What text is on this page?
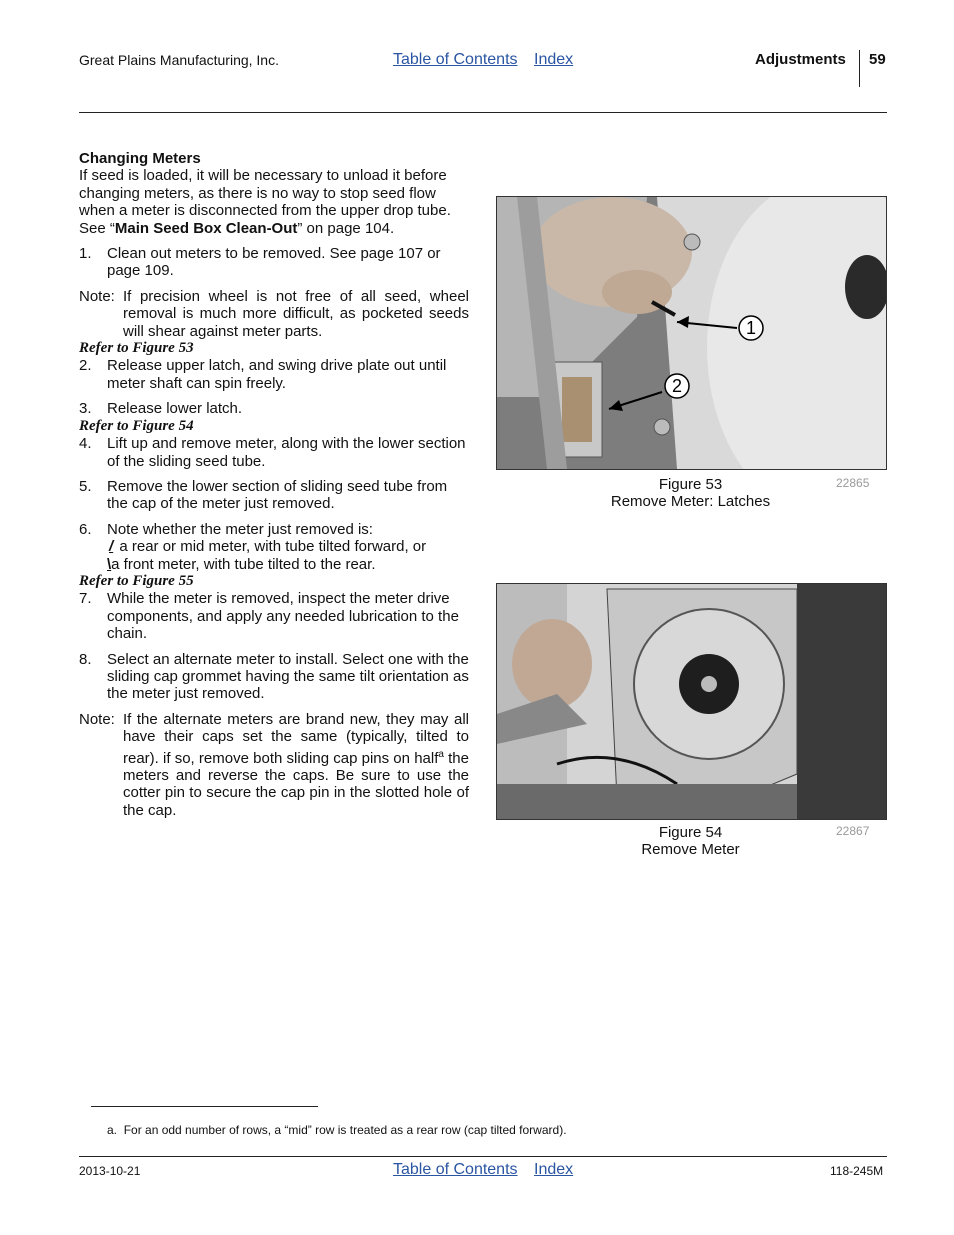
Great Plains Manufacturing, Inc.	Table of Contents Index	Adjustments 59

Changing Meters

If seed is loaded, it will be necessary to unload it before changing meters, as there is no way to stop seed flow when a meter is disconnected from the upper drop tube. See “Main Seed Box Clean-Out” on page 104.

1.	Clean out meters to be removed. See page 107 or page 109.
Note: If precision wheel is not free of all seed, wheel removal is much more difficult, as pocketed seeds will shear against meter parts.

Refer to Figure 53

2.	Release upper latch, and swing drive plate out until meter shaft can spin freely.
3.	Release lower latch.

Refer to Figure 54

4.	Lift up and remove meter, along with the lower section of the sliding seed tube.
5.	Remove the lower section of sliding seed tube from the cap of the meter just removed.
6.	Note whether the meter just removed is:
/ a rear or mid meter, with tube tilted forward, or
\a front meter, with tube tilted to the rear.

Refer to Figure 55

7.	While the meter is removed, inspect the meter drive components, and apply any needed lubrication to the chain.
8.	Select an alternate meter to install. Select one with the sliding cap grommet having the same tilt orientation as the meter just removed.
Note: If the alternate meters are brand new, they may all have their caps set the same (typically, tilted to rear). if so, remove both sliding cap pins on half$^a$ the meters and reverse the caps. Be sure to use the cotter pin to secure the cap pin in the slotted hole of the cap.
1
2
Figure 53
Remove Meter: Latches
22865
Figure 54
Remove Meter
22867
a. For an odd number of rows, a “mid” row is treated as a rear row (cap tilted forward).
2013-10-21	Table of Contents Index	118-245M
